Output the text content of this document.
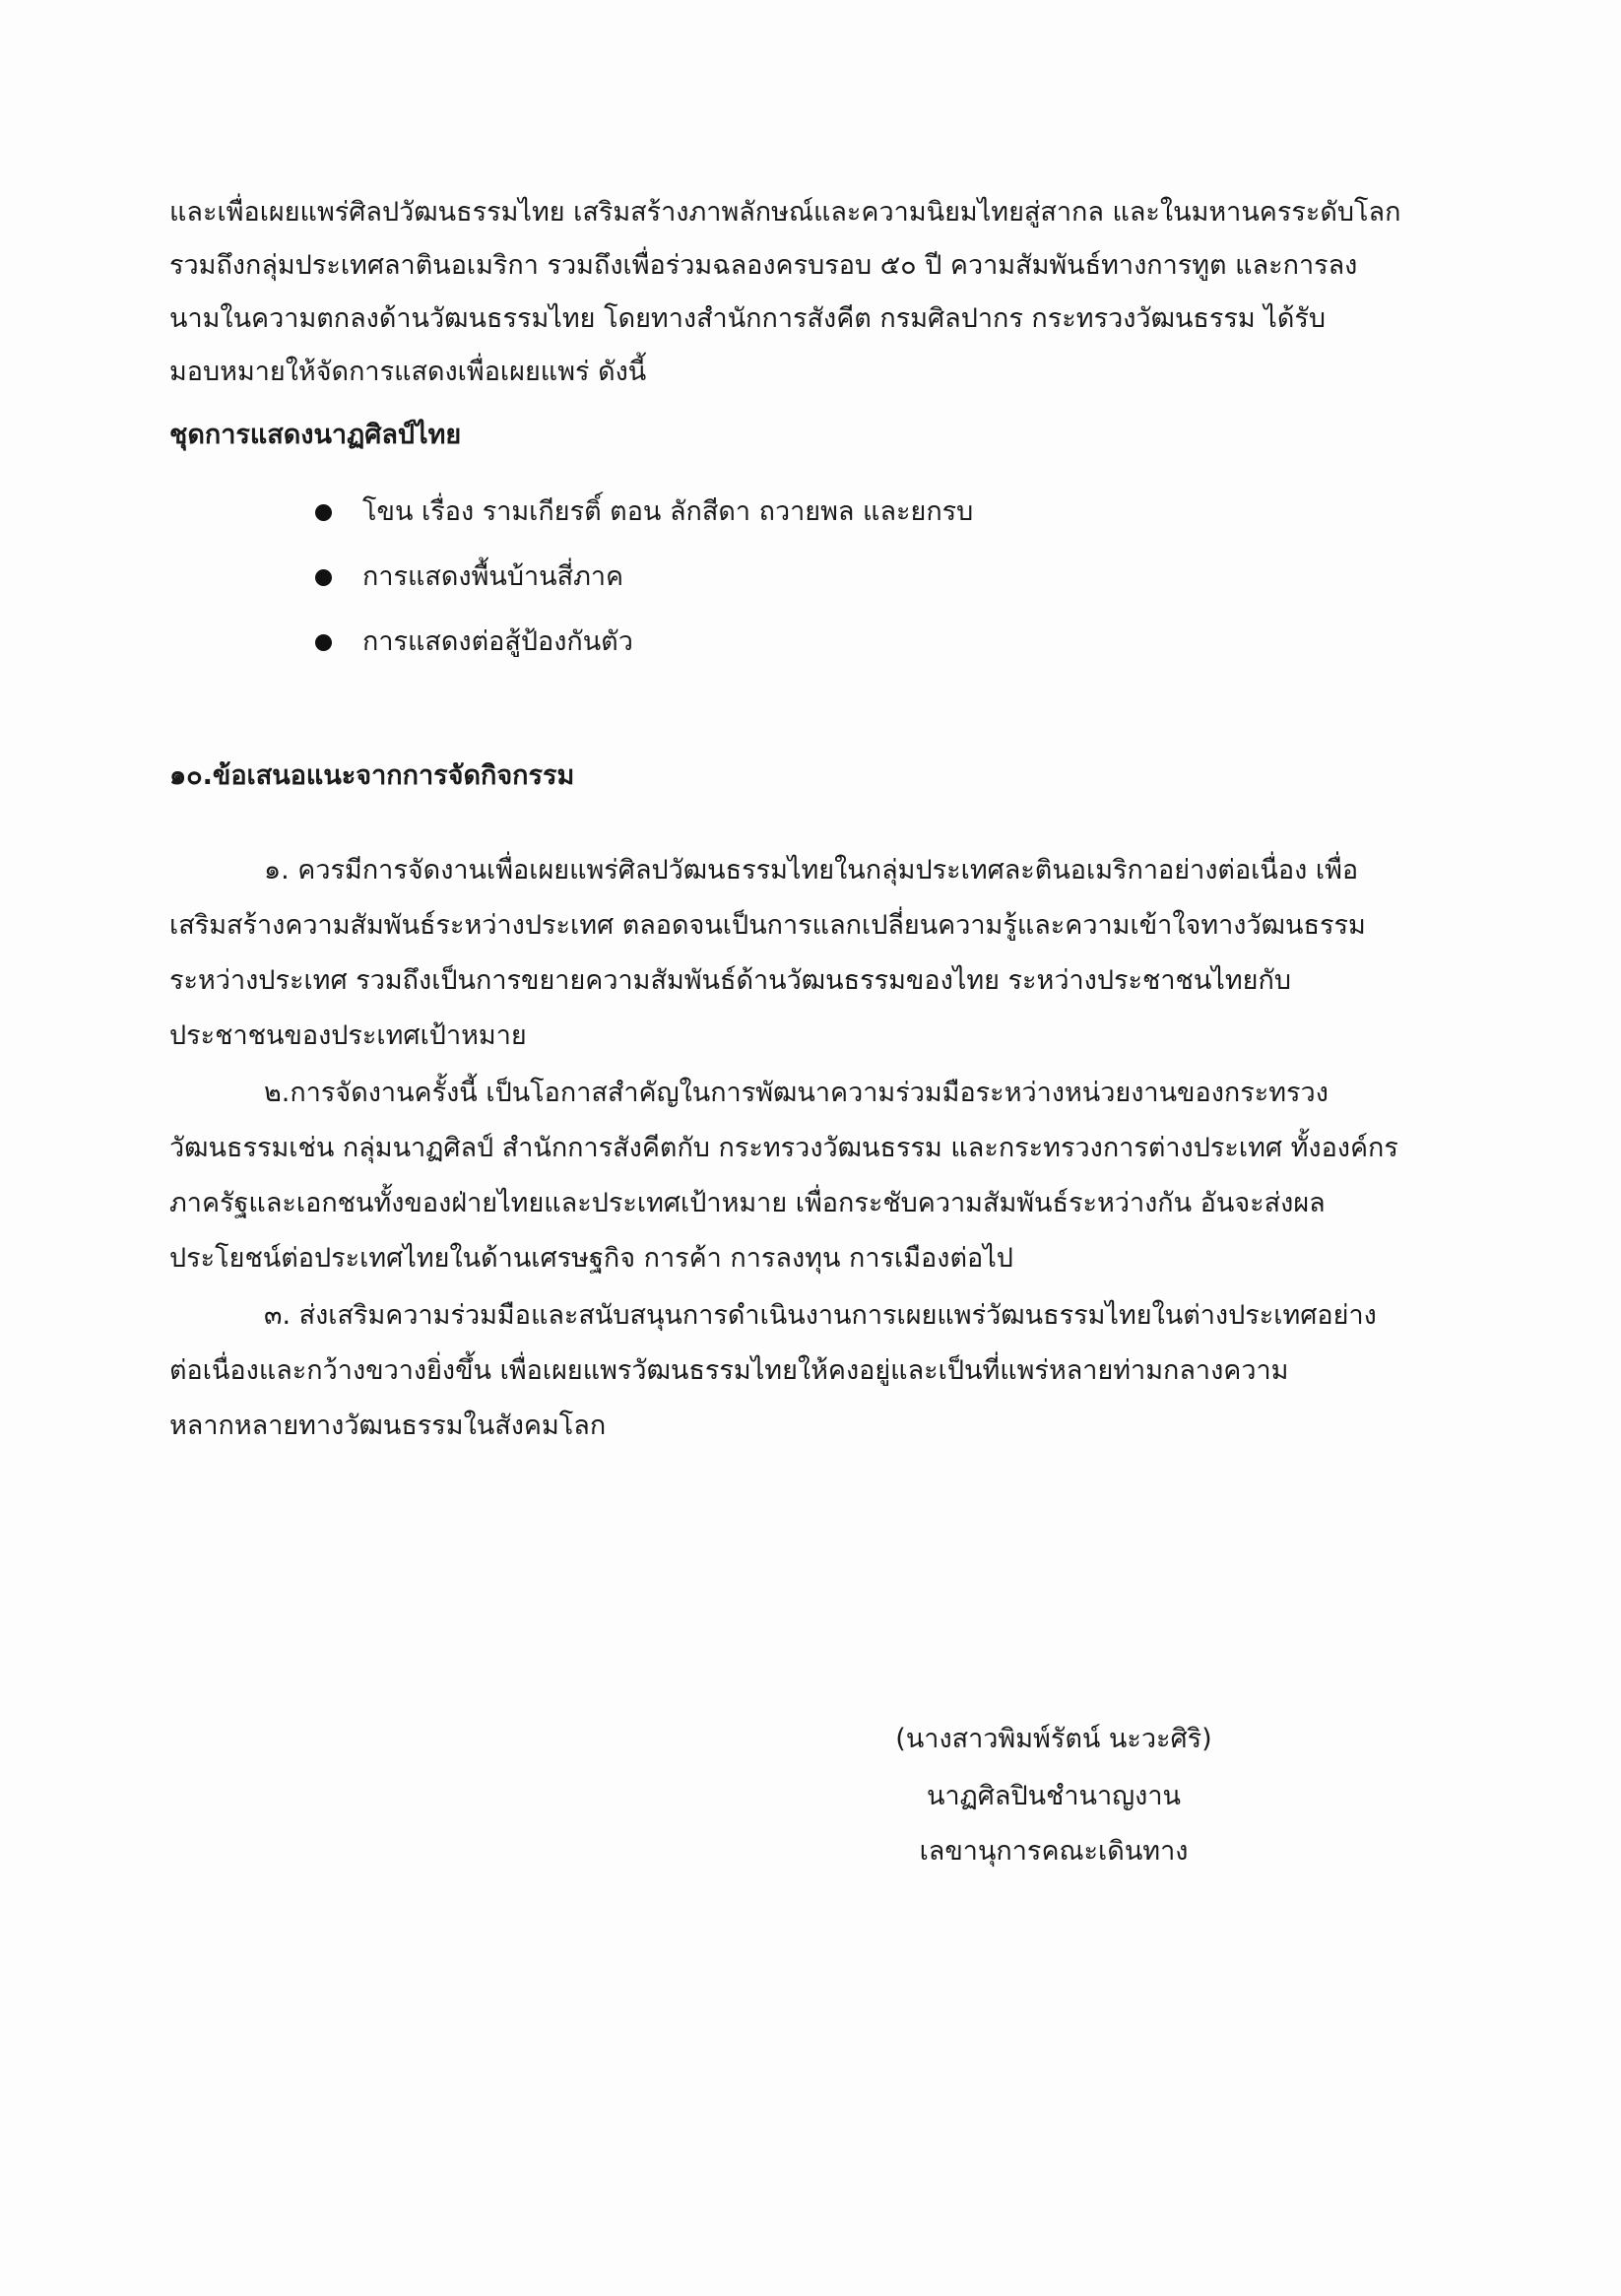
และเพื่อเผยแพร่ศิลปวัฒนธรรมไทย เสริมสร้างภาพลักษณ์และความนิยมไทยสู่สากล และในมหานครระดับโลก
รวมถึงกลุ่มประเทศลาตินอเมริกา รวมถึงเพื่อร่วมฉลองครบรอบ ๕๐ ปี ความสัมพันธ์ทางการทูต และการลง
นามในความตกลงด้านวัฒนธรรมไทย โดยทางสำนักการสังคีต กรมศิลปากร กระทรวงวัฒนธรรม ได้รับ
มอบหมายให้จัดการแสดงเพื่อเผยแพร่ ดังนี้
ชุดการแสดงนาฏศิลป์ไทย
โขน เรื่อง รามเกียรติ์ ตอน ลักสีดา ถวายพล และยกรบ
การแสดงพื้นบ้านสี่ภาค
การแสดงต่อสู้ป้องกันตัว
๑๐.ข้อเสนอแนะจากการจัดกิจกรรม
๑. ควรมีการจัดงานเพื่อเผยแพร่ศิลปวัฒนธรรมไทยในกลุ่มประเทศละตินอเมริกาอย่างต่อเนื่อง เพื่อ
เสริมสร้างความสัมพันธ์ระหว่างประเทศ ตลอดจนเป็นการแลกเปลี่ยนความรู้และความเข้าใจทางวัฒนธรรม
ระหว่างประเทศ รวมถึงเป็นการขยายความสัมพันธ์ด้านวัฒนธรรมของไทย ระหว่างประชาชนไทยกับ
ประชาชนของประเทศเป้าหมาย
๒.การจัดงานครั้งนี้ เป็นโอกาสสำคัญในการพัฒนาความร่วมมือระหว่างหน่วยงานของกระทรวง
วัฒนธรรมเช่น กลุ่มนาฏศิลป์ สำนักการสังคีตกับ กระทรวงวัฒนธรรม และกระทรวงการต่างประเทศ ทั้งองค์กร
ภาครัฐและเอกชนทั้งของฝ่ายไทยและประเทศเป้าหมาย เพื่อกระชับความสัมพันธ์ระหว่างกัน อันจะส่งผล
ประโยชน์ต่อประเทศไทยในด้านเศรษฐกิจ การค้า การลงทุน การเมืองต่อไป
๓. ส่งเสริมความร่วมมือและสนับสนุนการดำเนินงานการเผยแพร่วัฒนธรรมไทยในต่างประเทศอย่าง
ต่อเนื่องและกว้างขวางยิ่งขึ้น เพื่อเผยแพรวัฒนธรรมไทยให้คงอยู่และเป็นที่แพร่หลายท่ามกลางความ
หลากหลายทางวัฒนธรรมในสังคมโลก
(นางสาวพิมพ์รัตน์ นะวะศิริ)
นาฏศิลปินชำนาญงาน
เลขานุการคณะเดินทาง
